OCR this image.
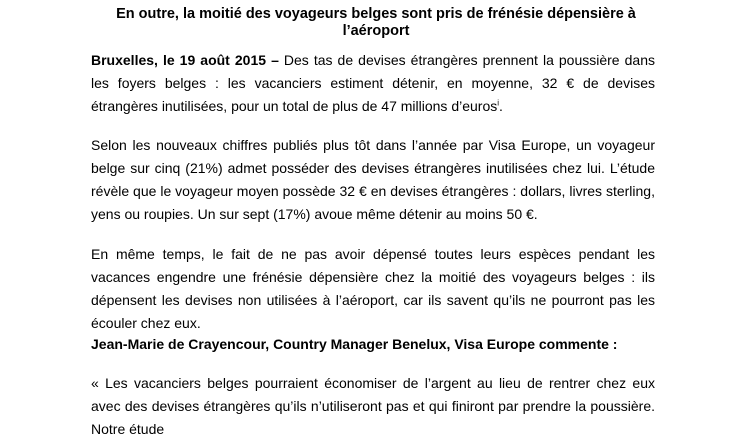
En outre, la moitié des voyageurs belges sont pris de frénésie dépensière à l’aéroport

Bruxelles, le 19 août 2015 – Des tas de devises étrangères prennent la poussière dans les foyers belges : les vacanciers estiment détenir, en moyenne, 32 € de devises étrangères inutilisées, pour un total de plus de 47 millions d’euros$^i$.

Selon les nouveaux chiffres publiés plus tôt dans l’année par Visa Europe, un voyageur belge sur cinq (21%) admet posséder des devises étrangères inutilisées chez lui. L’étude révèle que le voyageur moyen possède 32 € en devises étrangères : dollars, livres sterling, yens ou roupies. Un sur sept (17%) avoue même détenir au moins 50 €.

En même temps, le fait de ne pas avoir dépensé toutes leurs espèces pendant les vacances engendre une frénésie dépensière chez la moitié des voyageurs belges : ils dépensent les devises non utilisées à l’aéroport, car ils savent qu’ils ne pourront pas les écouler chez eux.

Jean-Marie de Crayencour, Country Manager Benelux, Visa Europe commente :

« Les vacanciers belges pourraient économiser de l’argent au lieu de rentrer chez eux avec des devises étrangères qu’ils n’utiliseront pas et qui finiront par prendre la poussière. Notre étude
